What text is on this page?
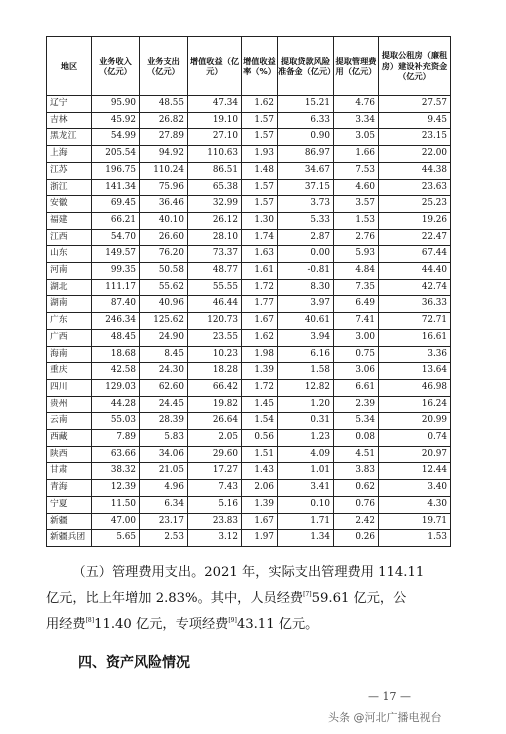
地区	业务收入（亿元）	业务支出（亿元）	增值收益（亿元）	增值收益率（%）	提取贷款风险准备金（亿元）	提取管理费用（亿元）	提取公租房（廉租房）建设补充资金（亿元）
辽宁	95.90	48.55	47.34	1.62	15.21	4.76	27.57
吉林	45.92	26.82	19.10	1.57	6.33	3.34	9.45
黑龙江	54.99	27.89	27.10	1.57	0.90	3.05	23.15
上海	205.54	94.92	110.63	1.93	86.97	1.66	22.00
江苏	196.75	110.24	86.51	1.48	34.67	7.53	44.38
浙江	141.34	75.96	65.38	1.57	37.15	4.60	23.63
安徽	69.45	36.46	32.99	1.57	3.73	3.57	25.23
福建	66.21	40.10	26.12	1.30	5.33	1.53	19.26
江西	54.70	26.60	28.10	1.74	2.87	2.76	22.47
山东	149.57	76.20	73.37	1.63	0.00	5.93	67.44
河南	99.35	50.58	48.77	1.61	-0.81	4.84	44.40
湖北	111.17	55.62	55.55	1.72	8.30	7.35	42.74
湖南	87.40	40.96	46.44	1.77	3.97	6.49	36.33
广东	246.34	125.62	120.73	1.67	40.61	7.41	72.71
广西	48.45	24.90	23.55	1.62	3.94	3.00	16.61
海南	18.68	8.45	10.23	1.98	6.16	0.75	3.36
重庆	42.58	24.30	18.28	1.39	1.58	3.06	13.64
四川	129.03	62.60	66.42	1.72	12.82	6.61	46.98
贵州	44.28	24.45	19.82	1.45	1.20	2.39	16.24
云南	55.03	28.39	26.64	1.54	0.31	5.34	20.99
西藏	7.89	5.83	2.05	0.56	1.23	0.08	0.74
陕西	63.66	34.06	29.60	1.51	4.09	4.51	20.97
甘肃	38.32	21.05	17.27	1.43	1.01	3.83	12.44
青海	12.39	4.96	7.43	2.06	3.41	0.62	3.40
宁夏	11.50	6.34	5.16	1.39	0.10	0.76	4.30
新疆	47.00	23.17	23.83	1.67	1.71	2.42	19.71
新疆兵团	5.65	2.53	3.12	1.97	1.34	0.26	1.53

（五）管理费用支出。2021 年，实际支出管理费用 114.11

亿元，比上年增加 2.83%。其中，人员经费[7]59.61 亿元，公

用经费[8]11.40 亿元，专项经费[9]43.11 亿元。

四、资产风险情况

— 17 —
头条 @河北广播电视台
